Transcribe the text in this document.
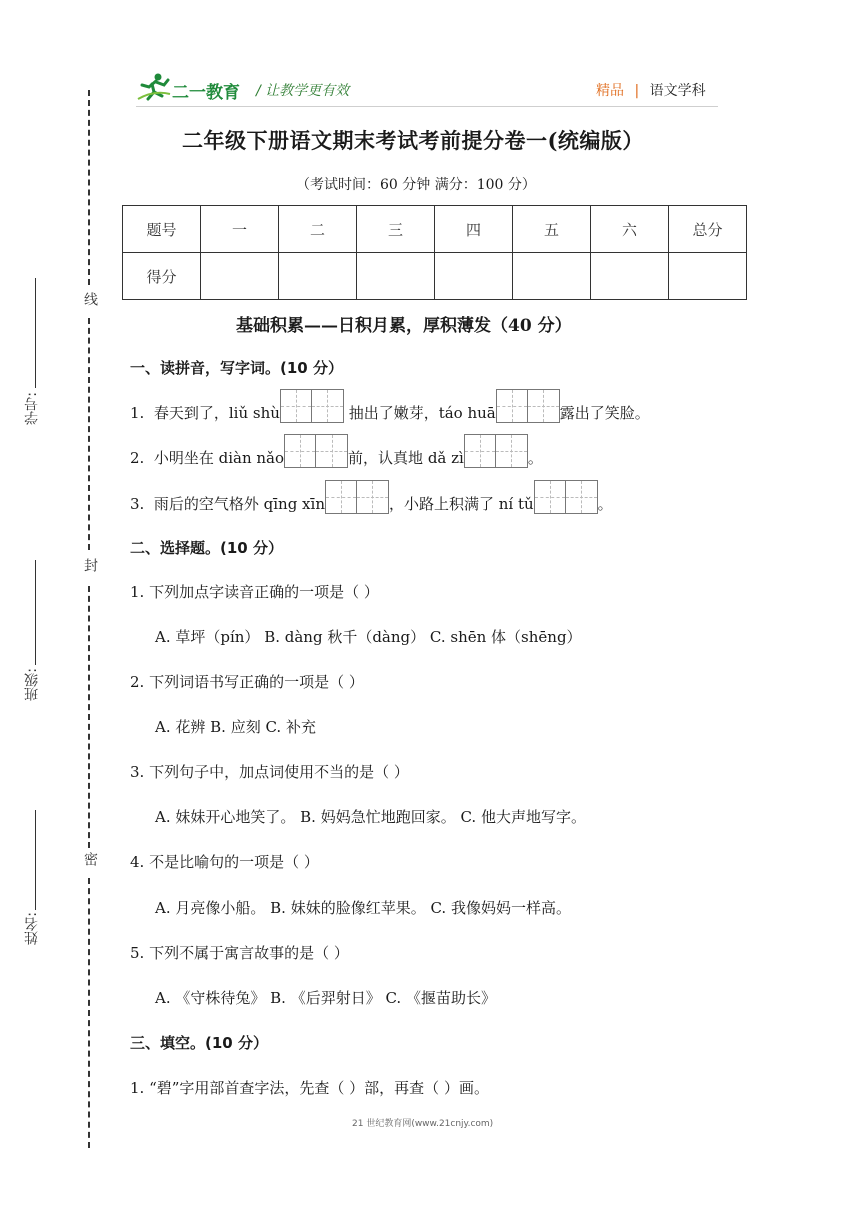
二一教育 / 让教学更有效	精品 | 语文学科
线
封
密
学号:
班级:
姓名:
二年级下册语文期末考试考前提分卷一(统编版）
（考试时间：60 分钟 满分：100 分）
题号	一	二	三	四	五	六	总分
得分							
基础积累——日积月累，厚积薄发（40 分）
一、读拼音，写字词。(10 分）
1. 春天到了，liǔ shù	抽出了嫩芽，táo huā	露出了笑脸。
2. 小明坐在 diàn nǎo	前，认真地 dǎ zì	。
3. 雨后的空气格外 qīng xīn	，小路上积满了 ní tǔ	。
二、选择题。(10 分）
1. 下列加点字读音正确的一项是（ ）
A. 草坪（pín） B. dàng 秋千（dàng） C. shēn 体（shēng）
2. 下列词语书写正确的一项是（ ）
A. 花辨 B. 应刻 C. 补充
3. 下列句子中，加点词使用不当的是（ ）
A. 妹妹开心地笑了。 B. 妈妈急忙地跑回家。 C. 他大声地写字。
4. 不是比喻句的一项是（ ）
A. 月亮像小船。 B. 妹妹的脸像红苹果。 C. 我像妈妈一样高。
5. 下列不属于寓言故事的是（ ）
A. 《守株待兔》 B. 《后羿射日》 C. 《揠苗助长》
三、填空。(10 分）
1. “碧”字用部首查字法，先查（ ）部，再查（ ）画。
21 世纪教育网(www.21cnjy.com)
